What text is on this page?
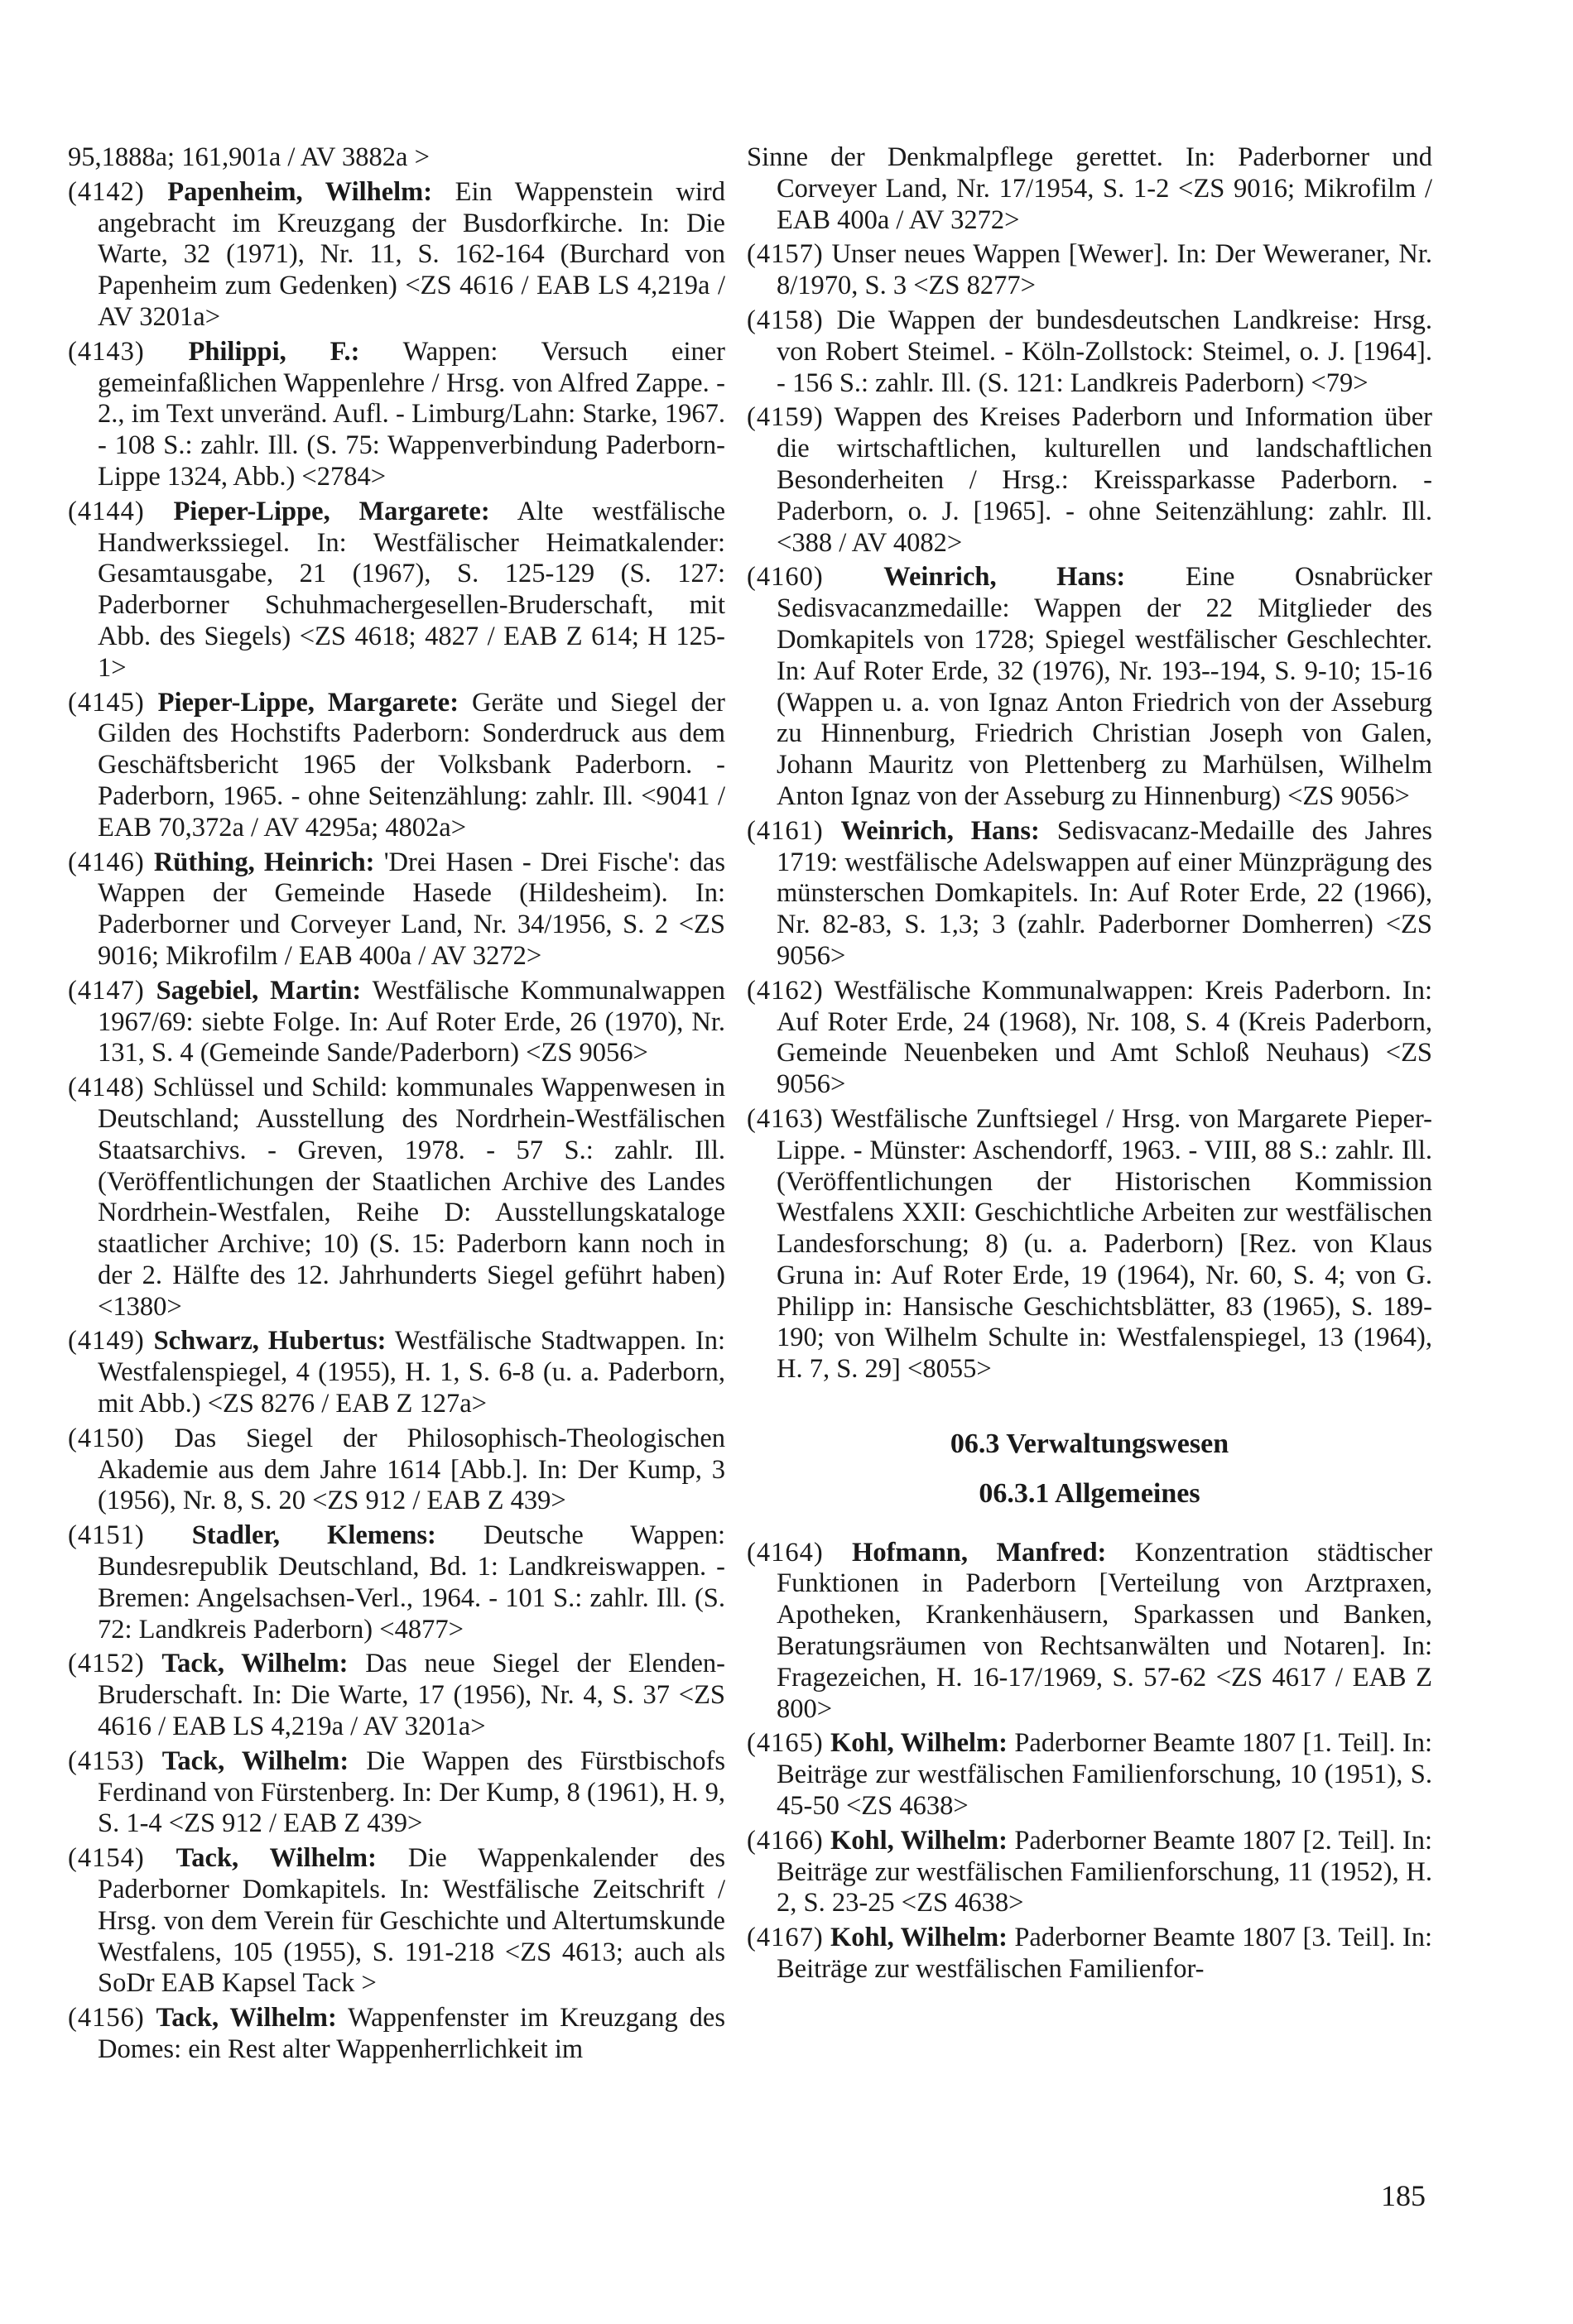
95,1888a; 161,901a / AV 3882a >

(4142) Papenheim, Wilhelm: Ein Wappenstein wird angebracht im Kreuzgang der Busdorfkirche. In: Die Warte, 32 (1971), Nr. 11, S. 162-164 (Burchard von Papenheim zum Gedenken) <ZS 4616 / EAB LS 4,219a / AV 3201a>

(4143) Philippi, F.: Wappen: Versuch einer gemeinfaßlichen Wappenlehre / Hrsg. von Alfred Zappe. - 2., im Text unveränd. Aufl. - Limburg/Lahn: Starke, 1967. - 108 S.: zahlr. Ill. (S. 75: Wappenverbindung Paderborn-Lippe 1324, Abb.) <2784>

(4144) Pieper-Lippe, Margarete: Alte westfälische Handwerkssiegel. In: Westfälischer Heimatkalender: Gesamtausgabe, 21 (1967), S. 125-129 (S. 127: Paderborner Schuhmachergesellen-Bruderschaft, mit Abb. des Siegels) <ZS 4618; 4827 / EAB Z 614; H 125-1>

(4145) Pieper-Lippe, Margarete: Geräte und Siegel der Gilden des Hochstifts Paderborn: Sonderdruck aus dem Geschäftsbericht 1965 der Volksbank Paderborn. - Paderborn, 1965. - ohne Seitenzählung: zahlr. Ill. <9041 / EAB 70,372a / AV 4295a; 4802a>

(4146) Rüthing, Heinrich: 'Drei Hasen - Drei Fische': das Wappen der Gemeinde Hasede (Hildesheim). In: Paderborner und Corveyer Land, Nr. 34/1956, S. 2 <ZS 9016; Mikrofilm / EAB 400a / AV 3272>

(4147) Sagebiel, Martin: Westfälische Kommunalwappen 1967/69: siebte Folge. In: Auf Roter Erde, 26 (1970), Nr. 131, S. 4 (Gemeinde Sande/Paderborn) <ZS 9056>

(4148) Schlüssel und Schild: kommunales Wappenwesen in Deutschland; Ausstellung des Nordrhein-Westfälischen Staatsarchivs. - Greven, 1978. - 57 S.: zahlr. Ill. (Veröffentlichungen der Staatlichen Archive des Landes Nordrhein-Westfalen, Reihe D: Ausstellungskataloge staatlicher Archive; 10) (S. 15: Paderborn kann noch in der 2. Hälfte des 12. Jahrhunderts Siegel geführt haben) <1380>

(4149) Schwarz, Hubertus: Westfälische Stadtwappen. In: Westfalenspiegel, 4 (1955), H. 1, S. 6-8 (u. a. Paderborn, mit Abb.) <ZS 8276 / EAB Z 127a>

(4150) Das Siegel der Philosophisch-Theologischen Akademie aus dem Jahre 1614 [Abb.]. In: Der Kump, 3 (1956), Nr. 8, S. 20 <ZS 912 / EAB Z 439>

(4151) Stadler, Klemens: Deutsche Wappen: Bundesrepublik Deutschland, Bd. 1: Landkreiswappen. - Bremen: Angelsachsen-Verl., 1964. - 101 S.: zahlr. Ill. (S. 72: Landkreis Paderborn) <4877>

(4152) Tack, Wilhelm: Das neue Siegel der Elenden-Bruderschaft. In: Die Warte, 17 (1956), Nr. 4, S. 37 <ZS 4616 / EAB LS 4,219a / AV 3201a>

(4153) Tack, Wilhelm: Die Wappen des Fürstbischofs Ferdinand von Fürstenberg. In: Der Kump, 8 (1961), H. 9, S. 1-4 <ZS 912 / EAB Z 439>

(4154) Tack, Wilhelm: Die Wappenkalender des Paderborner Domkapitels. In: Westfälische Zeitschrift / Hrsg. von dem Verein für Geschichte und Altertumskunde Westfalens, 105 (1955), S. 191-218 <ZS 4613; auch als SoDr EAB Kapsel Tack >

(4156) Tack, Wilhelm: Wappenfenster im Kreuzgang des Domes: ein Rest alter Wappenherrlichkeit im

Sinne der Denkmalpflege gerettet. In: Paderborner und Corveyer Land, Nr. 17/1954, S. 1-2 <ZS 9016; Mikrofilm / EAB 400a / AV 3272>

(4157) Unser neues Wappen [Wewer]. In: Der Weweraner, Nr. 8/1970, S. 3 <ZS 8277>

(4158) Die Wappen der bundesdeutschen Landkreise: Hrsg. von Robert Steimel. - Köln-Zollstock: Steimel, o. J. [1964]. - 156 S.: zahlr. Ill. (S. 121: Landkreis Paderborn) <79>

(4159) Wappen des Kreises Paderborn und Information über die wirtschaftlichen, kulturellen und landschaftlichen Besonderheiten / Hrsg.: Kreissparkasse Paderborn. - Paderborn, o. J. [1965]. - ohne Seitenzählung: zahlr. Ill. <388 / AV 4082>

(4160) Weinrich, Hans: Eine Osnabrücker Sedisvacanzmedaille: Wappen der 22 Mitglieder des Domkapitels von 1728; Spiegel westfälischer Geschlechter. In: Auf Roter Erde, 32 (1976), Nr. 193--194, S. 9-10; 15-16 (Wappen u. a. von Ignaz Anton Friedrich von der Asseburg zu Hinnenburg, Friedrich Christian Joseph von Galen, Johann Mauritz von Plettenberg zu Marhülsen, Wilhelm Anton Ignaz von der Asseburg zu Hinnenburg) <ZS 9056>

(4161) Weinrich, Hans: Sedisvacanz-Medaille des Jahres 1719: westfälische Adelswappen auf einer Münzprägung des münsterschen Domkapitels. In: Auf Roter Erde, 22 (1966), Nr. 82-83, S. 1,3; 3 (zahlr. Paderborner Domherren) <ZS 9056>

(4162) Westfälische Kommunalwappen: Kreis Paderborn. In: Auf Roter Erde, 24 (1968), Nr. 108, S. 4 (Kreis Paderborn, Gemeinde Neuenbeken und Amt Schloß Neuhaus) <ZS 9056>

(4163) Westfälische Zunftsiegel / Hrsg. von Margarete Pieper-Lippe. - Münster: Aschendorff, 1963. - VIII, 88 S.: zahlr. Ill. (Veröffentlichungen der Historischen Kommission Westfalens XXII: Geschichtliche Arbeiten zur westfälischen Landesforschung; 8) (u. a. Paderborn) [Rez. von Klaus Gruna in: Auf Roter Erde, 19 (1964), Nr. 60, S. 4; von G. Philipp in: Hansische Geschichtsblätter, 83 (1965), S. 189-190; von Wilhelm Schulte in: Westfalenspiegel, 13 (1964), H. 7, S. 29] <8055>

06.3 Verwaltungswesen
06.3.1 Allgemeines

(4164) Hofmann, Manfred: Konzentration städtischer Funktionen in Paderborn [Verteilung von Arztpraxen, Apotheken, Krankenhäusern, Sparkassen und Banken, Beratungsräumen von Rechtsanwälten und Notaren]. In: Fragezeichen, H. 16-17/1969, S. 57-62 <ZS 4617 / EAB Z 800>

(4165) Kohl, Wilhelm: Paderborner Beamte 1807 [1. Teil]. In: Beiträge zur westfälischen Familienforschung, 10 (1951), S. 45-50 <ZS 4638>

(4166) Kohl, Wilhelm: Paderborner Beamte 1807 [2. Teil]. In: Beiträge zur westfälischen Familienforschung, 11 (1952), H. 2, S. 23-25 <ZS 4638>

(4167) Kohl, Wilhelm: Paderborner Beamte 1807 [3. Teil]. In: Beiträge zur westfälischen Familienfor-

185
